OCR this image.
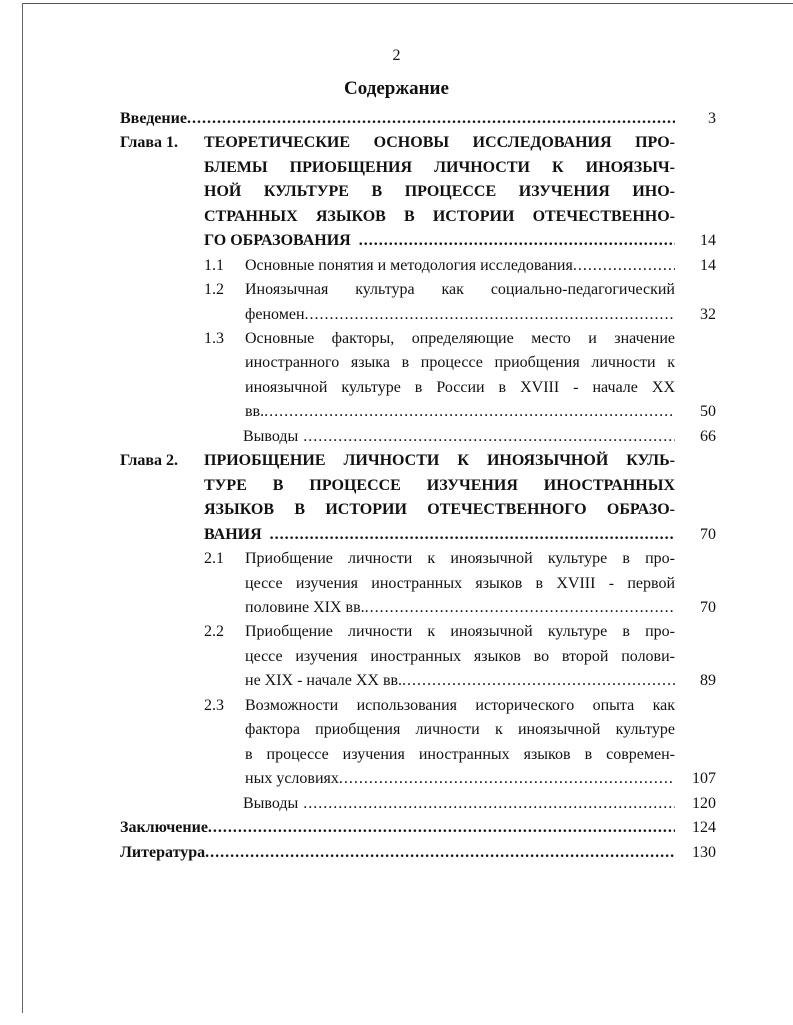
2
Содержание
Введение .....	3
Глава 1. ТЕОРЕТИЧЕСКИЕ ОСНОВЫ ИССЛЕДОВАНИЯ ПРО-
БЛЕМЫ ПРИОБЩЕНИЯ ЛИЧНОСТИ К ИНОЯЗЫЧ-
НОЙ КУЛЬТУРЕ В ПРОЦЕССЕ ИЗУЧЕНИЯ ИНО-
СТРАННЫХ ЯЗЫКОВ В ИСТОРИИ ОТЕЧЕСТВЕННО-
ГО ОБРАЗОВАНИЯ .....	14
1.1 Основные понятия и методология исследования .....	14
1.2 Иноязычная культура как социально-педагогический
феномен .....	32
1.3 Основные факторы, определяющие место и значение
иностранного языка в процессе приобщения личности к
иноязычной культуре в России в XVIII - начале XX
вв. .....	50
Выводы .....	66
Глава 2. ПРИОБЩЕНИЕ ЛИЧНОСТИ К ИНОЯЗЫЧНОЙ КУЛЬ-
ТУРЕ В ПРОЦЕССЕ ИЗУЧЕНИЯ ИНОСТРАННЫХ
ЯЗЫКОВ В ИСТОРИИ ОТЕЧЕСТВЕННОГО ОБРАЗО-
ВАНИЯ .....	70
2.1 Приобщение личности к иноязычной культуре в про-
цессе изучения иностранных языков в XVIII - первой
половине XIX вв. .....	70
2.2 Приобщение личности к иноязычной культуре в про-
цессе изучения иностранных языков во второй полови-
не XIX - начале XX вв. .....	89
2.3 Возможности использования исторического опыта как
фактора приобщения личности к иноязычной культуре
в процессе изучения иностранных языков в современ-
ных условиях .....	107
Выводы .....	120
Заключение .....	124
Литература .....	130
